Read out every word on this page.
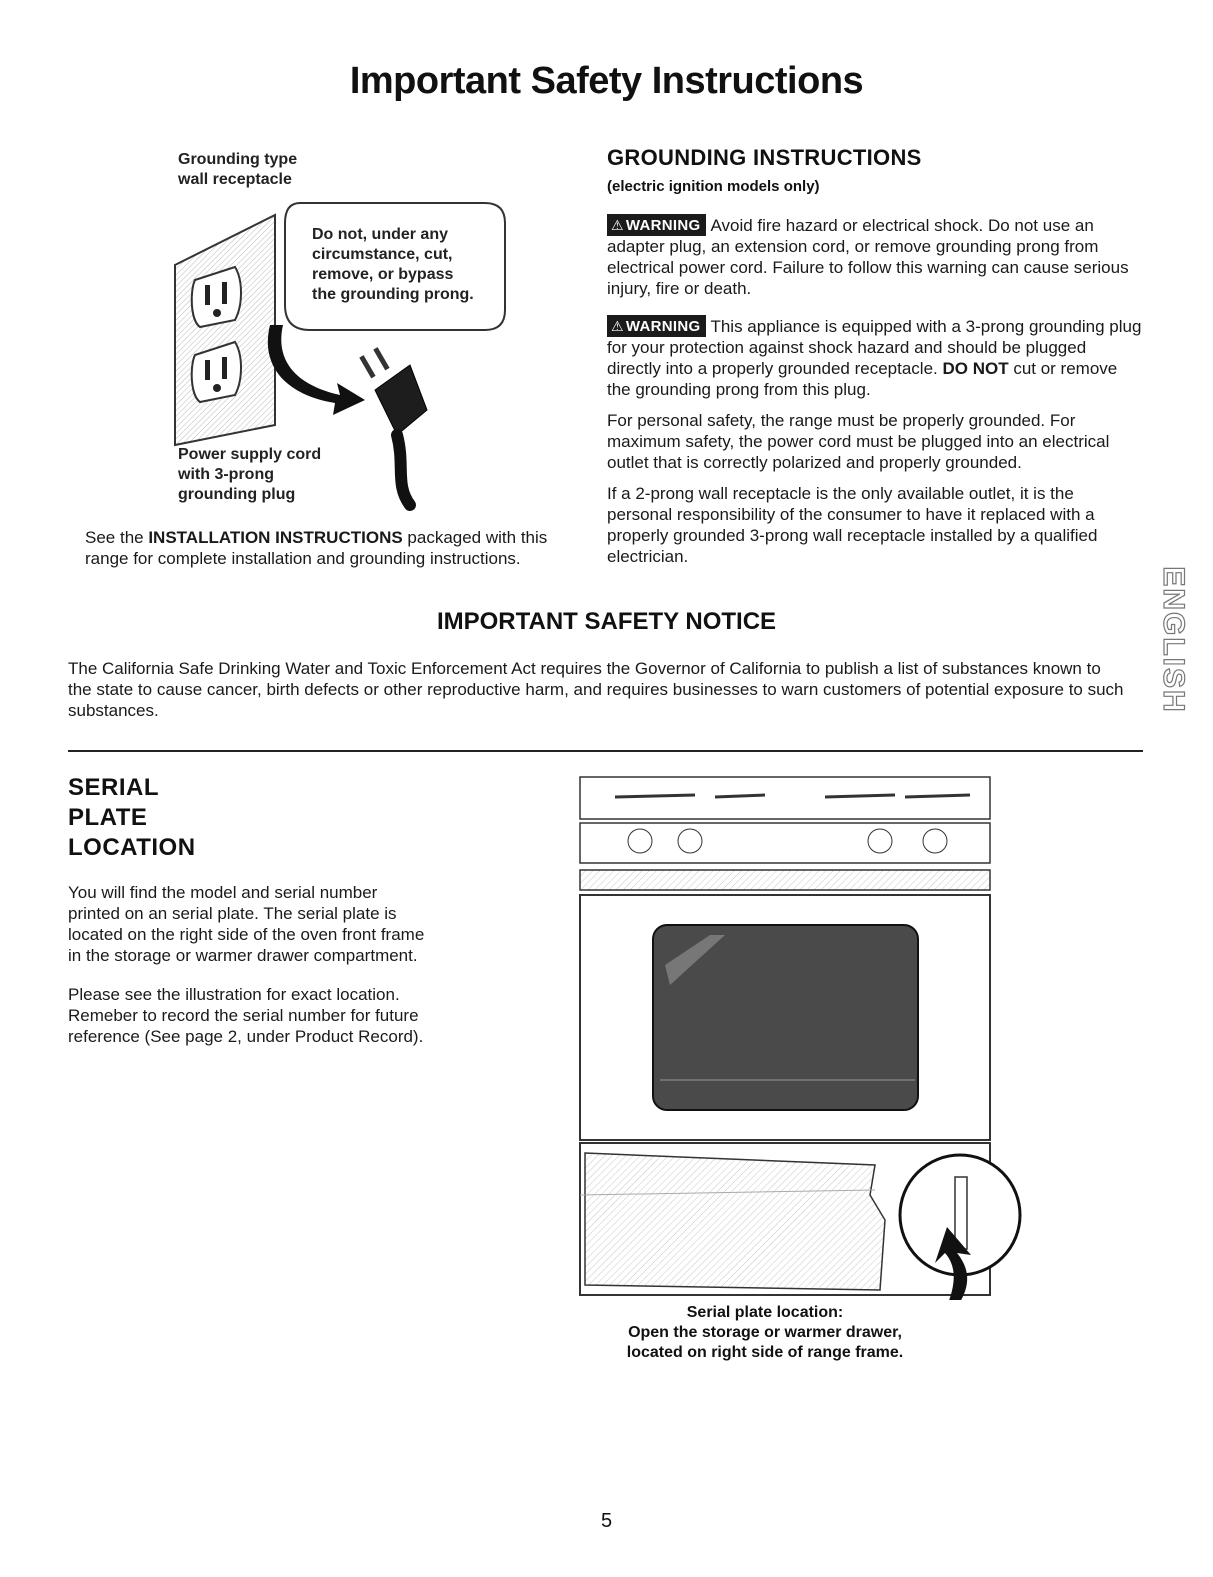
Important Safety Instructions
Grounding type
wall receptacle
Do not, under any
circumstance, cut,
remove, or bypass
the grounding prong.
Power supply cord
with 3-prong
grounding plug
See the INSTALLATION INSTRUCTIONS packaged with this range for complete installation and grounding instructions.
GROUNDING INSTRUCTIONS
(electric ignition models only)

⚠ WARNING Avoid fire hazard or electrical shock. Do not use an adapter plug, an extension cord, or remove grounding prong from electrical power cord. Failure to follow this warning can cause serious injury, fire or death.

⚠ WARNING This appliance is equipped with a 3-prong grounding plug for your protection against shock hazard and should be plugged directly into a properly grounded receptacle. DO NOT cut or remove the grounding prong from this plug.

For personal safety, the range must be properly grounded. For maximum safety, the power cord must be plugged into an electrical outlet that is correctly polarized and properly grounded.

If a 2-prong wall receptacle is the only available outlet, it is the personal responsibility of the consumer to have it replaced with a properly grounded 3-prong wall receptacle installed by a qualified electrician.

ENGLISH
IMPORTANT SAFETY NOTICE
The California Safe Drinking Water and Toxic Enforcement Act requires the Governor of California to publish a list of substances known to the state to cause cancer, birth defects or other reproductive harm, and requires businesses to warn customers of potential exposure to such substances.
SERIAL
PLATE
LOCATION

You will find the model and serial number printed on an serial plate. The serial plate is located on the right side of the oven front frame in the storage or warmer drawer compartment.

Please see the illustration for exact location.

Remeber to record the serial number for future reference (See page 2, under Product Record).

Serial plate location:
Open the storage or warmer drawer,
located on right side of range frame.
5
